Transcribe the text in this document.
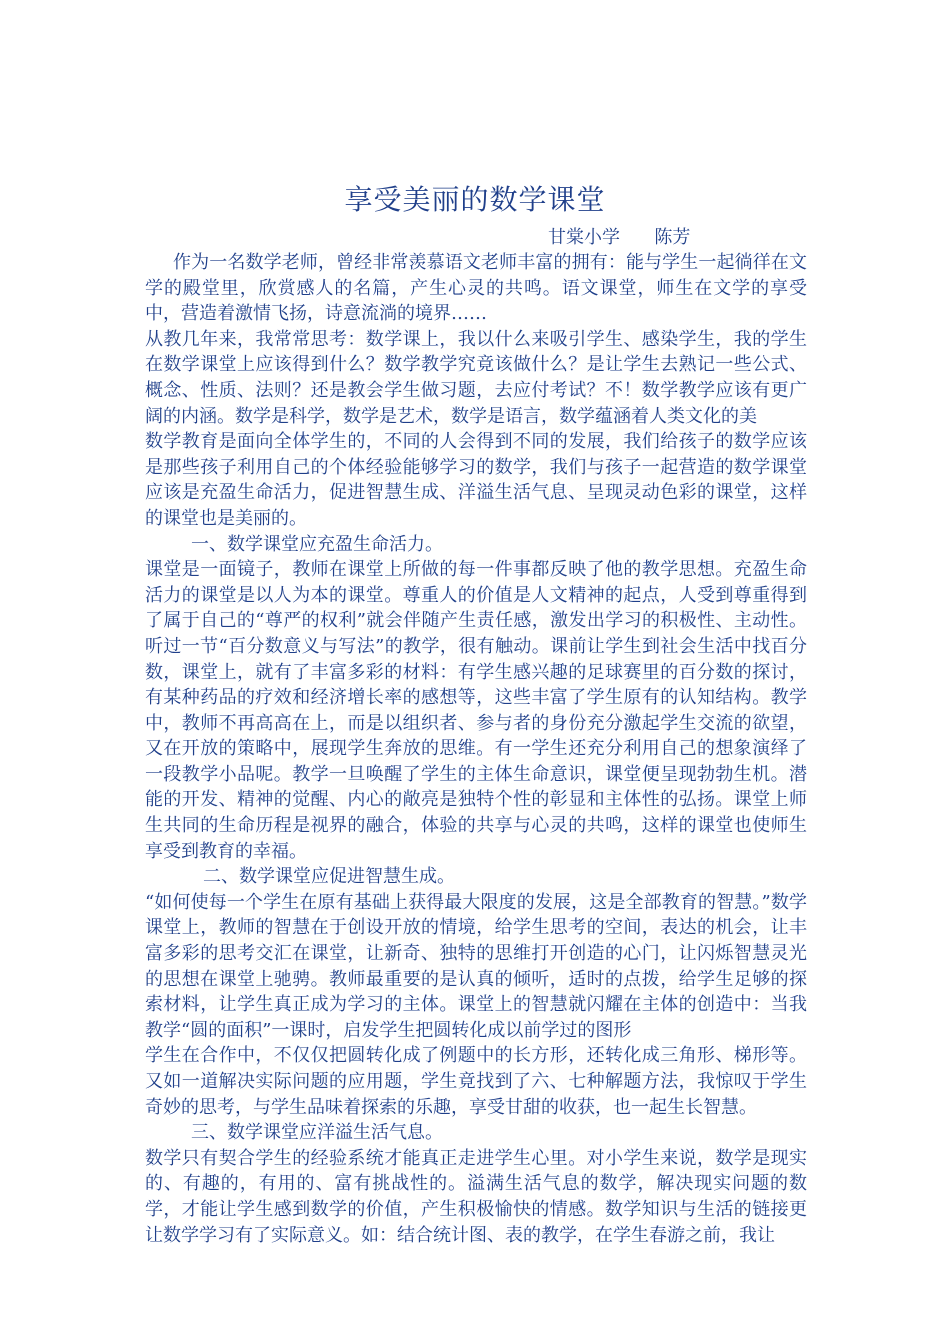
享受美丽的数学课堂
甘棠小学      陈芳

作为一名数学老师，曾经非常羡慕语文老师丰富的拥有：能与学生一起徜徉在文学的殿堂里，欣赏感人的名篇，产生心灵的共鸣。语文课堂，师生在文学的享受中，营造着激情飞扬，诗意流淌的境界……

从教几年来，我常常思考：数学课上，我以什么来吸引学生、感染学生，我的学生在数学课堂上应该得到什么？数学教学究竟该做什么？是让学生去熟记一些公式、概念、性质、法则？还是教会学生做习题，去应付考试？不！数学教学应该有更广阔的内涵。数学是科学，数学是艺术，数学是语言，数学蕴涵着人类文化的美

数学教育是面向全体学生的，不同的人会得到不同的发展，我们给孩子的数学应该是那些孩子利用自己的个体经验能够学习的数学，我们与孩子一起营造的数学课堂应该是充盈生命活力，促进智慧生成、洋溢生活气息、呈现灵动色彩的课堂，这样的课堂也是美丽的。

一、数学课堂应充盈生命活力。

课堂是一面镜子，教师在课堂上所做的每一件事都反映了他的教学思想。充盈生命活力的课堂是以人为本的课堂。尊重人的价值是人文精神的起点，人受到尊重得到了属于自己的“尊严的权利”就会伴随产生责任感，激发出学习的积极性、主动性。听过一节“百分数意义与写法”的教学，很有触动。课前让学生到社会生活中找百分数，课堂上，就有了丰富多彩的材料：有学生感兴趣的足球赛里的百分数的探讨，有某种药品的疗效和经济增长率的感想等，这些丰富了学生原有的认知结构。教学中，教师不再高高在上，而是以组织者、参与者的身份充分激起学生交流的欲望，又在开放的策略中，展现学生奔放的思维。有一学生还充分利用自己的想象演绎了一段教学小品呢。教学一旦唤醒了学生的主体生命意识，课堂便呈现勃勃生机。潜能的开发、精神的觉醒、内心的敞亮是独特个性的彰显和主体性的弘扬。课堂上师生共同的生命历程是视界的融合，体验的共享与心灵的共鸣，这样的课堂也使师生享受到教育的幸福。

二、数学课堂应促进智慧生成。

“如何使每一个学生在原有基础上获得最大限度的发展，这是全部教育的智慧。”数学课堂上，教师的智慧在于创设开放的情境，给学生思考的空间，表达的机会，让丰富多彩的思考交汇在课堂，让新奇、独特的思维打开创造的心门，让闪烁智慧灵光的思想在课堂上驰骋。教师最重要的是认真的倾听，适时的点拨，给学生足够的探索材料，让学生真正成为学习的主体。课堂上的智慧就闪耀在主体的创造中：当我教学“圆的面积”一课时，启发学生把圆转化成以前学过的图形

学生在合作中，不仅仅把圆转化成了例题中的长方形，还转化成三角形、梯形等。又如一道解决实际问题的应用题，学生竟找到了六、七种解题方法，我惊叹于学生奇妙的思考，与学生品味着探索的乐趣，享受甘甜的收获，也一起生长智慧。

三、数学课堂应洋溢生活气息。

数学只有契合学生的经验系统才能真正走进学生心里。对小学生来说，数学是现实的、有趣的，有用的、富有挑战性的。溢满生活气息的数学，解决现实问题的数学，才能让学生感到数学的价值，产生积极愉快的情感。数学知识与生活的链接更让数学学习有了实际意义。如：结合统计图、表的教学，在学生春游之前，我让
